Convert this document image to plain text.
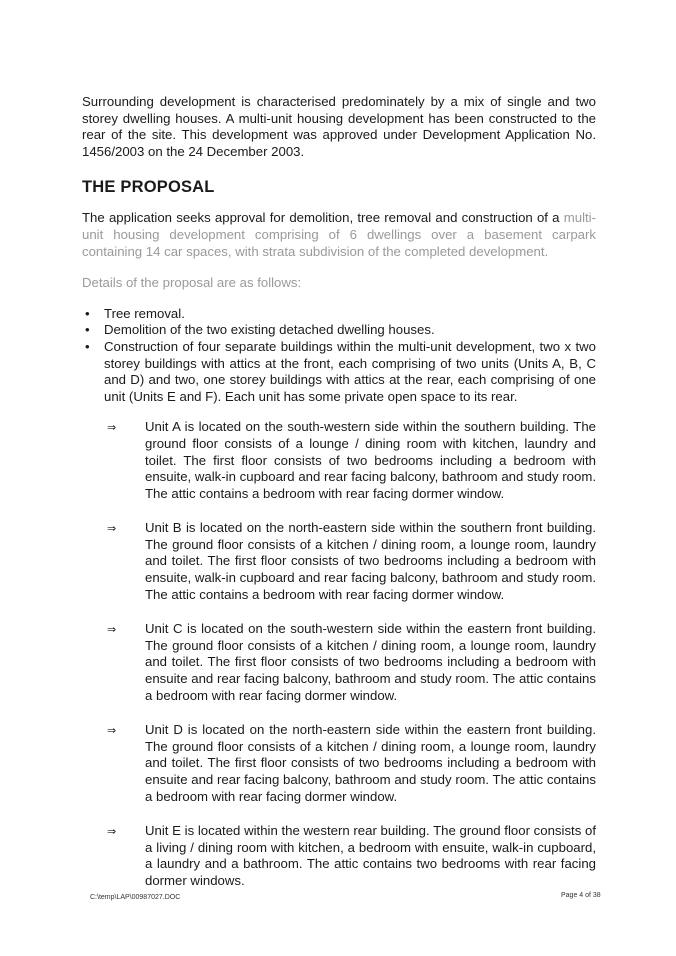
Surrounding development is characterised predominately by a mix of single and two storey dwelling houses. A multi-unit housing development has been constructed to the rear of the site. This development was approved under Development Application No. 1456/2003 on the 24 December 2003.

THE PROPOSAL

The application seeks approval for demolition, tree removal and construction of a multi-unit housing development comprising of 6 dwellings over a basement carpark containing 14 car spaces, with strata subdivision of the completed development.

Details of the proposal are as follows:

• Tree removal.
• Demolition of the two existing detached dwelling houses.
• Construction of four separate buildings within the multi-unit development, two x two storey buildings with attics at the front, each comprising of two units (Units A, B, C and D) and two, one storey buildings with attics at the rear, each comprising of one unit (Units E and F). Each unit has some private open space to its rear.
⇒ Unit A is located on the south-western side within the southern building. The ground floor consists of a lounge / dining room with kitchen, laundry and toilet. The first floor consists of two bedrooms including a bedroom with ensuite, walk-in cupboard and rear facing balcony, bathroom and study room. The attic contains a bedroom with rear facing dormer window.
⇒ Unit B is located on the north-eastern side within the southern front building. The ground floor consists of a kitchen / dining room, a lounge room, laundry and toilet. The first floor consists of two bedrooms including a bedroom with ensuite, walk-in cupboard and rear facing balcony, bathroom and study room. The attic contains a bedroom with rear facing dormer window.
⇒ Unit C is located on the south-western side within the eastern front building. The ground floor consists of a kitchen / dining room, a lounge room, laundry and toilet. The first floor consists of two bedrooms including a bedroom with ensuite and rear facing balcony, bathroom and study room. The attic contains a bedroom with rear facing dormer window.
⇒ Unit D is located on the north-eastern side within the eastern front building. The ground floor consists of a kitchen / dining room, a lounge room, laundry and toilet. The first floor consists of two bedrooms including a bedroom with ensuite and rear facing balcony, bathroom and study room. The attic contains a bedroom with rear facing dormer window.
⇒ Unit E is located within the western rear building. The ground floor consists of a living / dining room with kitchen, a bedroom with ensuite, walk-in cupboard, a laundry and a bathroom. The attic contains two bedrooms with rear facing dormer windows.
C:\temp\LAP\00987027.DOC	Page 4 of 38
